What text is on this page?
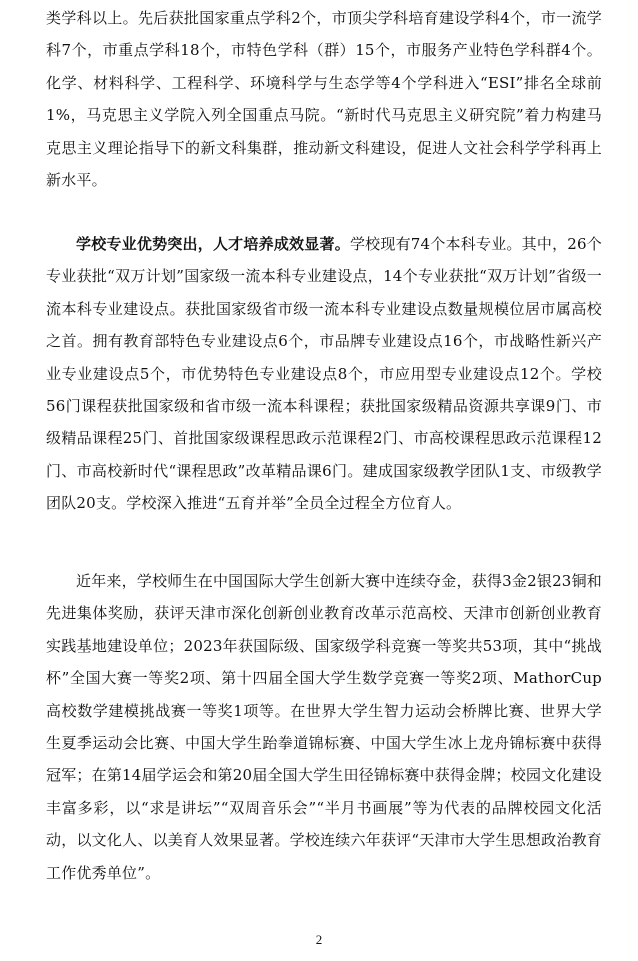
类学科以上。先后获批国家重点学科2个，市顶尖学科培育建设学科4个，市一流学科7个，市重点学科18个，市特色学科（群）15个，市服务产业特色学科群4个。化学、材料科学、工程科学、环境科学与生态学等4个学科进入“ESI”排名全球前1%，马克思主义学院入列全国重点马院。“新时代马克思主义研究院”着力构建马克思主义理论指导下的新文科集群，推动新文科建设，促进人文社会科学学科再上新水平。

学校专业优势突出，人才培养成效显著。学校现有74个本科专业。其中，26个专业获批“双万计划”国家级一流本科专业建设点，14个专业获批“双万计划”省级一流本科专业建设点。获批国家级省市级一流本科专业建设点数量规模位居市属高校之首。拥有教育部特色专业建设点6个，市品牌专业建设点16个，市战略性新兴产业专业建设点5个，市优势特色专业建设点8个，市应用型专业建设点12个。学校56门课程获批国家级和省市级一流本科课程；获批国家级精品资源共享课9门、市级精品课程25门、首批国家级课程思政示范课程2门、市高校课程思政示范课程12门、市高校新时代“课程思政”改革精品课6门。建成国家级教学团队1支、市级教学团队20支。学校深入推进“五育并举”全员全过程全方位育人。

近年来，学校师生在中国国际大学生创新大赛中连续夺金，获得3金2银23铜和先进集体奖励，获评天津市深化创新创业教育改革示范高校、天津市创新创业教育实践基地建设单位；2023年获国际级、国家级学科竞赛一等奖共53项，其中“挑战杯”全国大赛一等奖2项、第十四届全国大学生数学竞赛一等奖2项、MathorCup高校数学建模挑战赛一等奖1项等。在世界大学生智力运动会桥牌比赛、世界大学生夏季运动会比赛、中国大学生跆拳道锦标赛、中国大学生冰上龙舟锦标赛中获得冠军；在第14届学运会和第20届全国大学生田径锦标赛中获得金牌；校园文化建设丰富多彩，以“求是讲坛”“双周音乐会”“半月书画展”等为代表的品牌校园文化活动，以文化人、以美育人效果显著。学校连续六年获评“天津市大学生思想政治教育工作优秀单位”。

2
